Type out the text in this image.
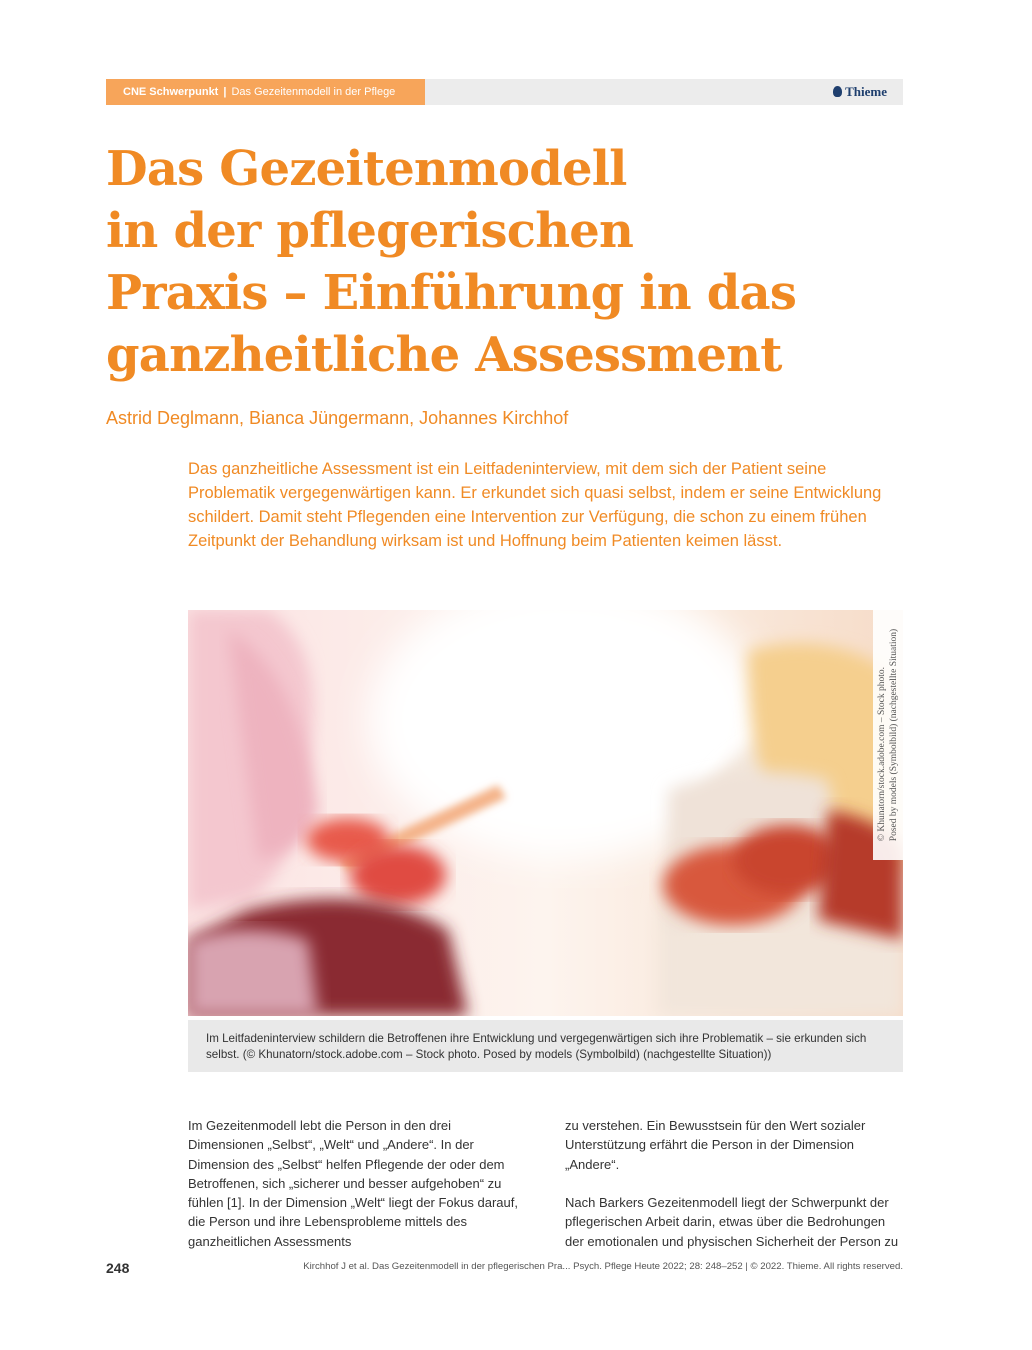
CNE Schwerpunkt | Das Gezeitenmodell in der Pflege	Thieme
Das Gezeitenmodell
in der pflegerischen
Praxis – Einführung in das
ganzheitliche Assessment
Astrid Deglmann, Bianca Jüngermann, Johannes Kirchhof

Das ganzheitliche Assessment ist ein Leitfadeninterview, mit dem sich der Patient seine Problematik vergegenwärtigen kann. Er erkundet sich quasi selbst, indem er seine Entwicklung schildert. Damit steht Pflegenden eine Intervention zur Verfügung, die schon zu einem frühen Zeitpunkt der Behandlung wirksam ist und Hoffnung beim Patienten keimen lässt.

© Khunatorn/stock.adobe.com – Stock photo. Posed by models (Symbolbild) (nachgestellte Situation)

Im Leitfadeninterview schildern die Betroffenen ihre Entwicklung und vergegenwärtigen sich ihre Problematik – sie erkunden sich selbst. (© Khunatorn/stock.adobe.com – Stock photo. Posed by models (Symbolbild) (nachgestellte Situation))

Im Gezeitenmodell lebt die Person in den drei Dimensionen „Selbst“, „Welt“ und „Andere“. In der Dimension des „Selbst“ helfen Pflegende der oder dem Betroffenen, sich „sicherer und besser aufgehoben“ zu fühlen [1]. In der Dimension „Welt“ liegt der Fokus darauf, die Person und ihre Lebensprobleme mittels des ganzheitlichen Assessments

zu verstehen. Ein Bewusstsein für den Wert sozialer Unterstützung erfährt die Person in der Dimension „Andere“.

Nach Barkers Gezeitenmodell liegt der Schwerpunkt der pflegerischen Arbeit darin, etwas über die Bedrohungen der emotionalen und physischen Sicherheit der Person zu

248	Kirchhof J et al. Das Gezeitenmodell in der pflegerischen Pra... Psych. Pflege Heute 2022; 28: 248–252 | © 2022. Thieme. All rights reserved.
